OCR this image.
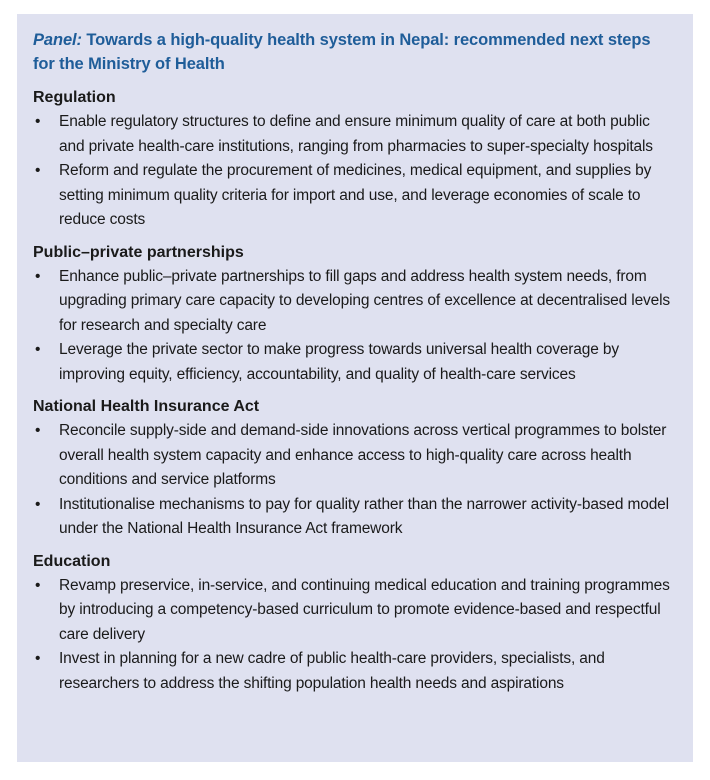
Panel: Towards a high-quality health system in Nepal: recommended next steps for the Ministry of Health
Regulation
•	Enable regulatory structures to define and ensure minimum quality of care at both public and private health-care institutions, ranging from pharmacies to super-specialty hospitals
•	Reform and regulate the procurement of medicines, medical equipment, and supplies by setting minimum quality criteria for import and use, and leverage economies of scale to reduce costs
Public–private partnerships
•	Enhance public–private partnerships to fill gaps and address health system needs, from upgrading primary care capacity to developing centres of excellence at decentralised levels for research and specialty care
•	Leverage the private sector to make progress towards universal health coverage by improving equity, efficiency, accountability, and quality of health-care services
National Health Insurance Act
•	Reconcile supply-side and demand-side innovations across vertical programmes to bolster overall health system capacity and enhance access to high-quality care across health conditions and service platforms
•	Institutionalise mechanisms to pay for quality rather than the narrower activity-based model under the National Health Insurance Act framework
Education
•	Revamp preservice, in-service, and continuing medical education and training programmes by introducing a competency-based curriculum to promote evidence-based and respectful care delivery
•	Invest in planning for a new cadre of public health-care providers, specialists, and researchers to address the shifting population health needs and aspirations
